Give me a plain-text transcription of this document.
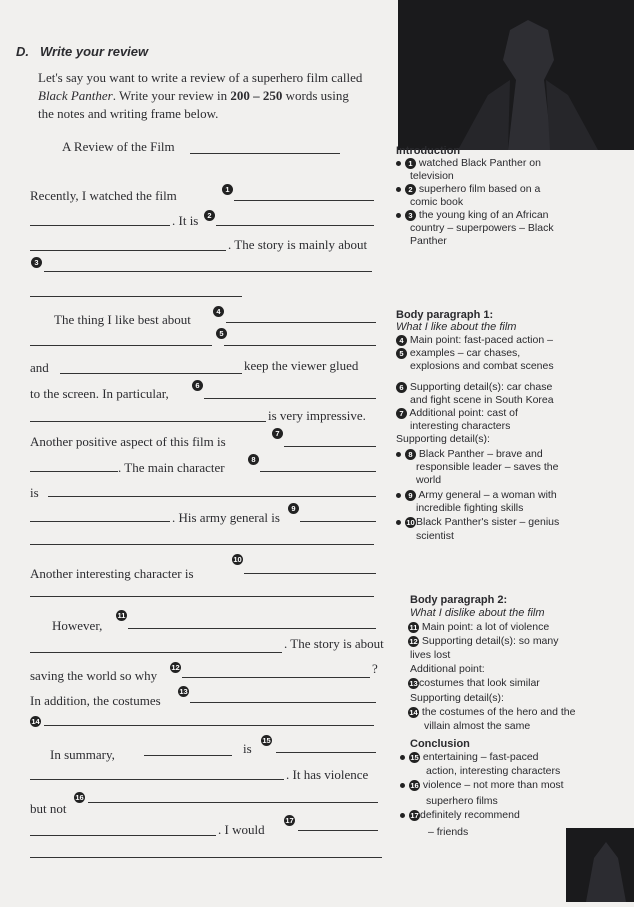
D. Write your review
Let's say you want to write a review of a superhero film called
Black Panther. Write your review in 200 – 250 words using
the notes and writing frame below.
A Review of the Film
Recently, I watched the film	1
. It is	2
. The story is mainly about
3
The thing I like best about
4
5
and	keep the viewer glued
to the screen. In particular,
6
is very impressive.
Another positive aspect of this film is
7
. The main character
8
is
. His army general is
9
Another interesting character is
10
However,
11
. The story is about
saving the world so why
12	?
In addition, the costumes
13
14
In summary,	is
15
. It has violence
but not
16
. I would
17
Introduction
1 watched Black Panther on
television
2 superhero film based on a
comic book
3 the young king of an African
country – superpowers – Black
Panther
Body paragraph 1:
What I like about the film
4 Main point: fast-paced action –
5 examples – car chases,
explosions and combat scenes
6 Supporting detail(s): car chase
and fight scene in South Korea
7 Additional point: cast of
interesting characters
Supporting detail(s):
8 Black Panther – brave and
responsible leader – saves the
world
9 Army general – a woman with
incredible fighting skills
10Black Panther's sister – genius
scientist
Body paragraph 2:
What I dislike about the film
11 Main point: a lot of violence
12 Supporting detail(s): so many
lives lost
Additional point:
13costumes that look similar
Supporting detail(s):
14 the costumes of the hero and the
villain almost the same
Conclusion
15 entertaining – fast-paced
action, interesting characters
16 violence – not more than most
superhero films
17definitely recommend
– friends
